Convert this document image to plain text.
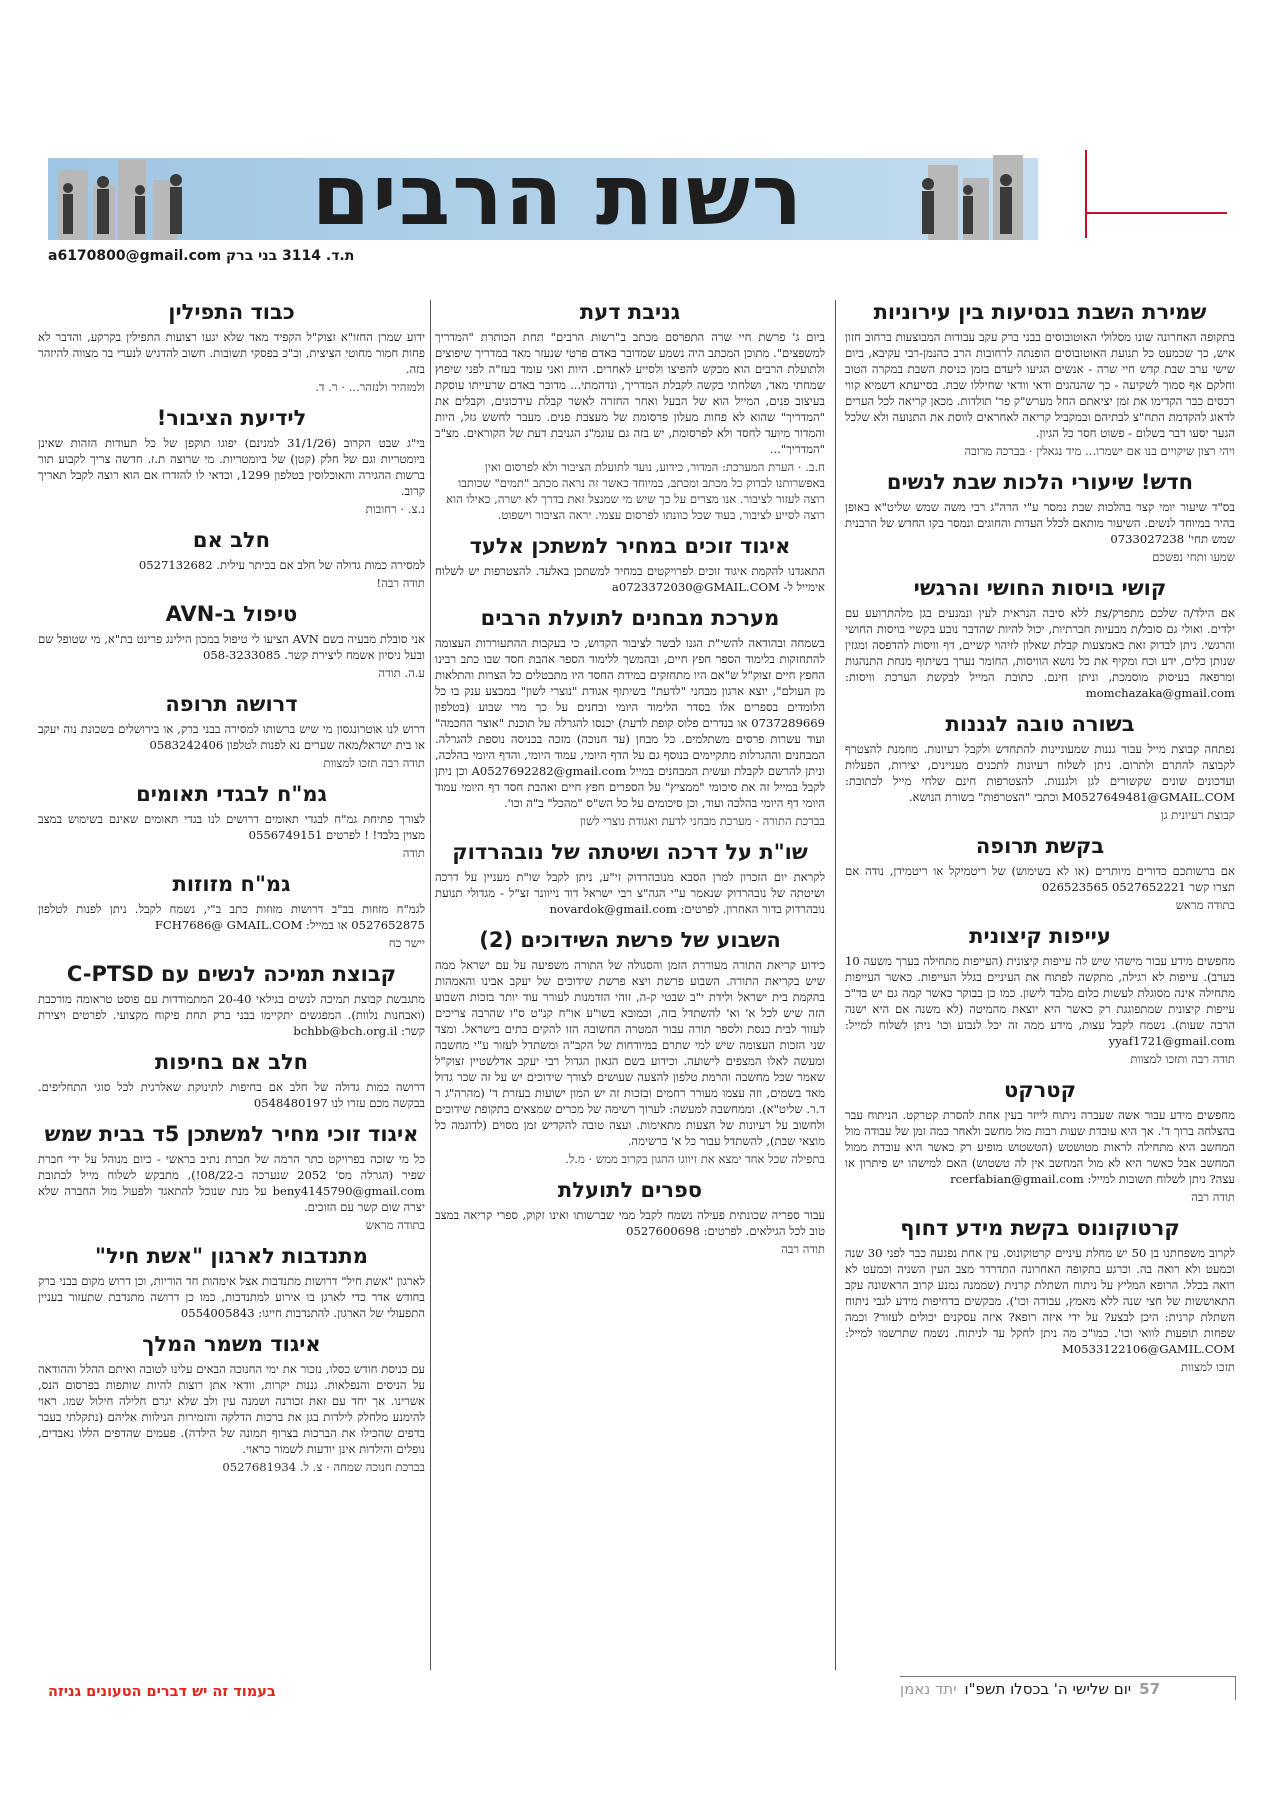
רשות הרבים
a6170800@gmail.com ת.ד. 3114 בני ברק
שמירת השבת בנסיעות בין עירוניות

בתקופה האחרונה שונו מסלולי האוטובוסים בבני ברק עקב עבודות המבוצעות ברחוב חזון איש, כך שכמעט כל תנועת האוטובוסים הופנתה לרחובות הרב כהנמן-רבי עקיבא, ביום שישי ערב שבת קדש חיי שרה - אנשים הגיעו ליעדם בזמן כניסת השבת במקרה הטוב וחלקם אף סמוך לשקיעה - כך שהנהגים ודאי וודאי שחיללו שבת. בסייעתא דשמיא קווי רכסים כבר הקדימו את זמן יציאתם החל מערש"ק פר' תולדות. מכאן קריאה לכל הערים לדאוג להקדמת התח"צ לבתיהם ובמקביל קריאה לאחראים לווסת את התנועה ולא שלכל הגער יסעו דבר בשלום - פשוט חסר כל הגיון.

ויהי רצון שיקויים בנו אם ישמרו... מיד נגאלין · בברכה מרובה
חדש! שיעורי הלכות שבת לנשים

בס"ד שיעור יומי קצר בהלכות שבת נמסר ע"י הרה"ג רבי משה שמש שליט"א באופן בהיר במיוחד לנשים. השיעור מותאם לכלל העדות והחוגים ונמסר בקו החדש של הרבנית שמש תחי' 0733027238

שמעו ותחי נפשכם
קושי בויסות החושי והרגשי

אם הילד/ה שלכם מתפרק/צת ללא סיבה הנראית לעין ונמנעים בגן מלהתרועע עם ילדים. ואולי גם סובל/ת מבעיות חברתיות, יכול להיות שהדבר נובע בקשיי בויסות החושי והרגשי. ניתן לבדוק זאת באמצעות קבלת שאלון לזיהוי קשיים, דף וויסות להדפסה ומגזין שנותן כלים, ידע וכח ומקיף את כל נושא הוויסות, החומר נערך בשיתוף מנחת התנהגות ומרפאה בעיסוק מוסמכת, וניתן חינם. כתובת המייל לבקשת הערכת וויסות: momchazaka@gmail.com

בשורה טובה לגננות

נפתחה קבוצת מייל עבור גננות שמעוניינות להתחדש ולקבל רעיונות. מוזמנת להצטרף לקבוצה להתרם ולתרום. ניתן לשלוח רעיונות לתכנים מעניינים, יצירות, הפעלות ועדכונים שונים שקשורים לגן ולגננות. להצטרפות חינם שלחי מייל לכתובת: M0527649481@GMAIL.COM וכתבי "הצטרפות" בשורת הנושא.

קבוצת רעיונית גן
בקשת תרופה

אם ברשותכם כדורים מיותרים (או לא בשימוש) של ריטמיקל או ריטמידן, נודה אם תצרו קשר 0527652221 026523565

בתודה מראש
עייפות קיצונית

מחפשים מידע עבור מישהי שיש לה עייפות קיצונית (העייפות מתחילה בערך משעה 10 בערב). עייפות לא רגילה, מתקשה לפתוח את העיניים בגלל העייפות. כאשר העייפות מתחילה אינה מסוגלת לעשות כלום מלבד לישון. כמו כן בבוקר כאשר קמה גם יש בד"כ עייפות קיצונית שמתפוגגת רק כאשר היא יוצאת מהמיטה (לא משנה אם היא ישנה הרבה שעות). נשמח לקבל עצות, מידע ממה זה יכל לנבוע וכו' ניתן לשלוח למייל: yyaf1721@gmail.com

תודה רבה ותזכו למצוות
קטרקט

מחפשים מידע עבור אשה שעברה ניתוח לייזר בעין אחת להסרת קטרקט. הניתוח עבר בהצלחה ברוך ד'. אך היא עובדת שעות רבות מול מחשב ולאחר כמה זמן של עבודה מול המחשב היא מתחילה לראות מטושטש (הטשטוש מופיע רק כאשר היא עובדת ממול המחשב אבל כאשר היא לא מול המחשב אין לה טשטוש) האם למישהו יש פיתרון או עצה? ניתן לשלוח תשובות למייל: rcerfabian@gmail.com

תודה רבה
קרטוקונוס בקשת מידע דחוף

לקרוב משפחתנו בן 50 יש מחלת עיניים קרטוקונוס. עין אחת נפגעה כבר לפני 30 שנה וכמעט ולא רואה בה. וכרגע בתקופה האחרונה התדרדר מצב העין השניה וכמעט לא רואה בכלל. הרופא המליץ על ניתוח השתלת קרנית (שממנה נמנע קרוב הראשונה עקב התאוששות של חצי שנה ללא מאמץ, עבודה וכו'). מבקשים בדחיפות מידע לגבי ניתוח השתלת קרנית: היכן לבצע? על ידי איזה רופא? איזה עסקנים יכולים לעזור? וכמה שפחות תופעות לוואי וכו'. כמו"כ מה ניתן לחקל עד לניתוח. נשמח שתרשמו למייל: M0533122106@GAMIL.COM

תזכו למצוות
גניבת דעת

ביום ג' פרשת חיי שרה התפרסם מכתב ב"רשות הרבים" תחת הכותרת "המדריך למשפצים". מתוכן המכתב היה נשמע שמדובר באדם פרטי שנעזר מאד במדריך שיפוצים ולתועלת הרבים הוא מבקש להפיצו ולסייע לאחרים. היות ואני עומד בעז"ה לפני שיפוץ שמחתי מאד, ושלחתי בקשה לקבלת המדריך, ונדהמתי... מדובר באדם שרעייתו עוסקת בעיצוב פנים, המייל הוא של הבעל ואחר החזרה לאשר קבלת עידכונים, וקבלים את "המדריך" שהוא לא פחות מעלון פרסומת של מעצבת פנים. מעבר לחשש גזל, היות והמדור מיועד לחסד ולא לפרסומת, יש בזה גם עוגמ"נ הגניבת דעת של הקוראים. מצ"ב "המדריך"...

ח.ב. · הערת המערכת: המדור, כידוע, נועד לתועלת הציבור ולא לפרסום ואין באפשרותנו לבדוק כל מכתב ומכתב, במיוחד כאשר זה נראה מכתב "תמים" שכותבו רוצה לעזור לציבור. אנו מצרים על כך שיש מי שמנצל זאת בדרך לא ישרה, כאילו הוא רוצה לסייע לציבור, בעוד שכל כוונתו לפרסום עצמי. יראה הציבור וישפוט.
איגוד זוכים במחיר למשתכן אלעד

התאגדנו להקמת איגוד זוכים לפרויקטים במחיר למשתכן באלעד. להצטרפות יש לשלוח אימייל ל- a0723372030@GMAIL.COM

מערכת מבחנים לתועלת הרבים

בשמחה ובהודאה להשי"ת הגנו לבשר לציבור הקדוש, כי בעקבות ההתעוררות העצומה להתחזקות בלימוד הספר חפץ חיים, ובהמשך ללימוד הספר אהבת חסד שבו כתב רבינו החפץ חיים זצוק"ל ש"אם היו מתחזקים במידת החסד היו מתבטלים כל הצרות והתלאות מן העולם", יוצא ארגון מבחני "לדעת" בשיתוף אגודת "נוצרי לשון" במבצע ענק בו כל הלומדים בספרים אלו בסדר הלימוד היומי ובחנים על כך מדי שבוע (בטלפון 0737289669 או בנדרים פלוס קופת לדעת) יכנסו להגרלה על תוכנת "אוצר החכמה" ועוד עשרות פרסים משתלמים. כל מבחן (עד חנוכה) מזכה בכניסה נוספת להגרלה. המבחנים וההגרלות מתקיימים בנוסף גם על הדף היומי, עמוד היומי, והדף היומי בהלכה, וניתן להרשם לקבלת ועשית המבחנים במייל A0527692282@gmail.com וכן ניתן לקבל במייל זה את סיכומי "ממציץ" על הספרים חפץ חיים ואהבת חסד דף היומי עמוד היומי דף היומי בהלכה ועוד, וכן סיכומים על כל הש"ס "מהכל" ב"ה וכו'.

בברכת התורה · מערכת מבחני לדעת ואגודת נוצרי לשון
שו"ת על דרכה ושיטתה של נובהרדוק

לקראת יום הזכרון למרן הסבא מנובהרדוק זי"ע, ניתן לקבל שו"ת מעניין על דרכה ושיטתה של נובהרדוק שנאמר ע"י הגה"צ רבי ישראל דוד נייוונר זצ"ל - מגדולי תנועת נובהרדוק בדור האחרון. לפרטים: novardok@gmail.com

השבוע של פרשת השידוכים (2)

כידוע קריאת התורה מעוררת הזמן והסגולה של התורה משפיעה על עם ישראל ממה שיש בקריאת התורה. השבוע פרשת ויצא פרשת שידוכים של יעקב אבינו והאמהות בהקמת בית ישראל ולידת י"ב שבטי ק-ה, זוהי הזדמנות לעורר עוד יותר בזכות השבוע הזה שיש לכל א' וא' להשתדל בזה, וכמובא בשו"ע או"ח קנ"ט ס"ו שהרבה צריכים לעזור לבית כנסת ולספר תורה עבור המטרה החשובה הזו להקים בתים בישראל. ומצד שני הזכות העצומה שיש למי שתרם במיודחות של הקב"ה ומשתדל לעזור ע"י מחשבה ומעשה לאלו המצפים לישועה. וכידוע בשם הגאון הגדול רבי יעקב אדלשטיין זצוק"ל שאמר שכל מחשבה והרמת טלפון להצעה שעושים לצורך שידוכים יש על זה שכר גדול מאד בשמים, וזה עצמו מעורר רחמים ובזכות זה יש המון ישועות בעזרת ד' (מהרה"ג ר ד.ר. שליט"א). וממחשבה למעשה: לערוך רשימה של מכרים שמצאים בתקופת שידוכים ולחשוב על רעיונות של הצעות מתאימות. ועצה טובה להקדיש זמן מסוים (לדוגמה כל מוצאי שבת), להשתדל עבור כל א' ברשימה.

בתפילה שכל אחד ימצא את זיווגו ההגון בקרוב ממש · מ.ל.
ספרים לתועלת

עבור ספריה שכונתית פעילה נשמח לקבל ממי שברשותו ואינו זקוק, ספרי קריאה במצב טוב לכל הגילאים. לפרטים: 0527600698

תודה רבה
כבוד התפילין

ידוע שמרן החזו"א זצוק"ל הקפיד מאד שלא יגעו רצועות התפילין בקרקע, והדבר לא פחות חמור מחוטי הציצית, וכ"כ בפסקי תשובות. חשוב להדגיש לנערי בר מצווה להיזהר בזה.

ולמזהיר ולנזהר... · ר. ד.
לידיעת הציבור!

בי"ג שבט הקרוב (31/1/26 למנינם) יפוגו תוקפן של כל תעודות הזהות שאינן ביומטריות וגם של חלק (קטן) של ביומטריות. מי שרוצה ת.ז. חדשה צריך לקבוע תור ברשות ההגירה והאוכלוסין בטלפון 1299, וכדאי לו להזדרז אם הוא רוצה לקבל תאריך קרוב.

נ.צ. · רחובות
חלב אם

למסירה כמות גדולה של חלב אם בכיתר עילית. 0527132682

תודה רבה!
טיפול ב-AVN

אני סובלת מבעיה בשם AVN הציעו לי טיפול במכון הילינג פרינט בת"א, מי שטופל שם ובעל ניסיון אשמח ליצירת קשר. 058-3233085

ע.ה. תודה
דרושה תרופה

דרוש לנו אוטרונגסון מי שיש ברשותו למסירה בבני ברק, או בירושלים בשכונת נוה יעקב או בית ישראל/מאה שערים נא לפנות לטלפון 0583242406

תודה רבה תזכו למצוות
גמ"ח לבגדי תאומים

לצורך פתיחת גמ"ח לבגדי תאומים דרושים לנו בגדי תאומים שאינם בשימוש במצב מצוין בלבד! ! לפרטים 0556749151

תודה
גמ"ח מזוזות

לגמ"ח מזוזות בב"ב דרושות מזוזות כתב ב"י, נשמח לקבל. ניתן לפנות לטלפון 0527652875 או במייל: FCH7686@ GMAIL.COM

יישר כח
קבוצת תמיכה לנשים עם C-PTSD

מתגבשת קבוצת תמיכה לנשים בגילאי 20-40 המתמודדות עם פוסט טראומה מורכבת (ואבחנות נלוות). המפגשים יתקיימו בבני ברק תחת פיקוח מקצועי. לפרטים ויצירת קשר: bchbb@bch.org.il

חלב אם בחיפות

דרושה כמות גדולה של חלב אם בחיפות לתינוקת שאלרגית לכל סוגי התחליפים. בבקשה מכם עזרו לנו 0548480197

איגוד זוכי מחיר למשתכן 5ד בבית שמש

כל מי שזכה בפרויקט כתר הרמה של חברת נתיב בראשי - כיום מנוהל על ידי חברת שפיר (הגרלה מס' 2052 שנערכה ב-08/22!), מתבקש לשלוח מייל לכתובת beny4145790@gmail.com על מנת שנוכל להתאגד ולפעול מול החברה שלא יצרה שום קשר עם הזוכים.

בתודה מראש
מתנדבות לארגון "אשת חיל"

לארגון "אשת חיל" דרושות מתנדבות אצל אימהות חד הוריות, וכן דרוש מקום בבני ברק בחודש אדר כדי לארגן בו אירוע למתנדבות, כמו כן דרושה מתנדבת שתעזור בעניין התפעולי של הארגון. להתנדבות חייגו: 0554005843

איגוד משמר המלך

עם כניסת חודש כסלו, נזכור את ימי החנוכה הבאים עלינו לטובה ואיתם ההלל וההודאה על הניסים והנפלאות. גננות יקרות, וודאי אתן רוצות להיות שותפות בפרסום הנס, אשרינו. אך יחד עם זאת זכורנה ושמנה עין ולב שלא יגרם חלילה חילול שמו. ראוי להימנע מלחלק לילדות בגן את ברכות הדלקה והזמירות הנילוות אליהם (נתקלתי בעבר בדפים שהכילו את הברכות בצרוף תמונה של הילדה). פעמים שהדפים הללו נאבדים, נופלים והילדות אינן יודעות לשמור כראוי.

בברכת חנוכה שמחה · צ. ל. 0527681934
בעמוד זה יש דברים הטעונים גניזה	57
יום שלישי ה' בכסלו תשפ"ו
יתד נאמן
